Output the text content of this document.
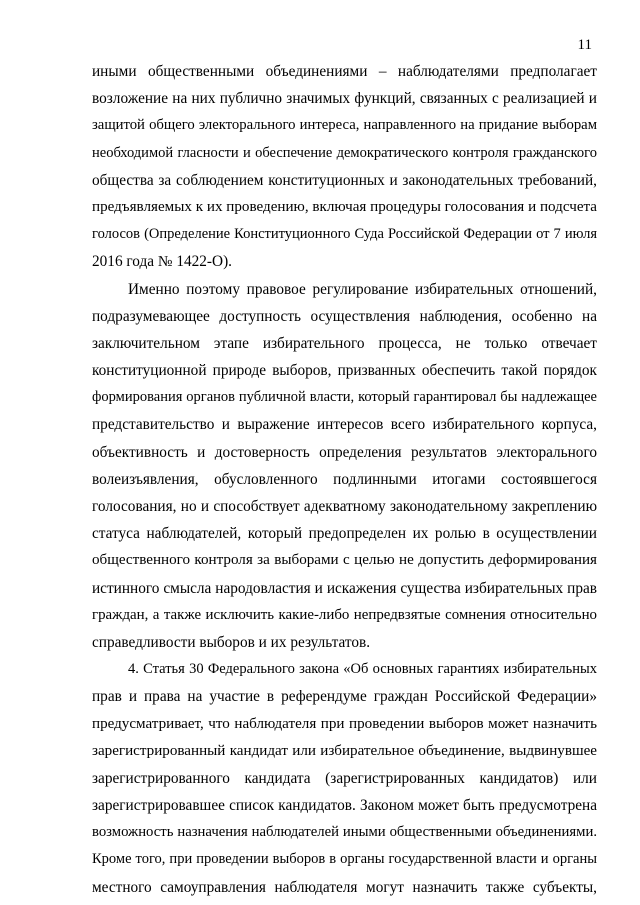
11
иными общественными объединениями – наблюдателями предполагает
возложение на них публично значимых функций, связанных с реализацией и
защитой общего электорального интереса, направленного на придание выборам
необходимой гласности и обеспечение демократического контроля гражданского
общества за соблюдением конституционных и законодательных требований,
предъявляемых к их проведению, включая процедуры голосования и подсчета
голосов (Определение Конституционного Суда Российской Федерации от 7 июля
2016 года № 1422-О).
Именно поэтому правовое регулирование избирательных отношений,
подразумевающее доступность осуществления наблюдения, особенно на
заключительном этапе избирательного процесса, не только отвечает
конституционной природе выборов, призванных обеспечить такой порядок
формирования органов публичной власти, который гарантировал бы надлежащее
представительство и выражение интересов всего избирательного корпуса,
объективность и достоверность определения результатов электорального
волеизъявления, обусловленного подлинными итогами состоявшегося
голосования, но и способствует адекватному законодательному закреплению
статуса наблюдателей, который предопределен их ролью в осуществлении
общественного контроля за выборами с целью не допустить деформирования
истинного смысла народовластия и искажения существа избирательных прав
граждан, а также исключить какие-либо непредвзятые сомнения относительно
справедливости выборов и их результатов.
4. Статья 30 Федерального закона «Об основных гарантиях избирательных
прав и права на участие в референдуме граждан Российской Федерации»
предусматривает, что наблюдателя при проведении выборов может назначить
зарегистрированный кандидат или избирательное объединение, выдвинувшее
зарегистрированного кандидата (зарегистрированных кандидатов) или
зарегистрировавшее список кандидатов. Законом может быть предусмотрена
возможность назначения наблюдателей иными общественными объединениями.
Кроме того, при проведении выборов в органы государственной власти и органы
местного самоуправления наблюдателя могут назначить также субъекты,
